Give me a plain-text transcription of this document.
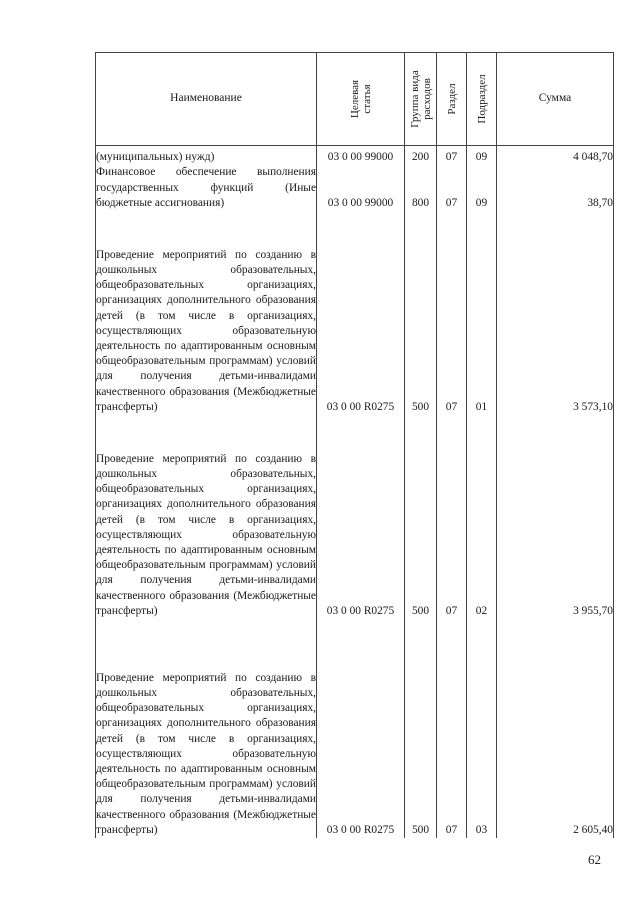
Наименование	Целевая статья	Группа вида расходов	Раздел	Подраздел	Сумма
(муниципальных) нужд)	03 0 00 99000	200	07	09	4 048,70
Финансовое обеспечение выполнения государственных функций (Иные бюджетные ассигнования)	03 0 00 99000	800	07	09	38,70
Проведение мероприятий по созданию в дошкольных образовательных, общеобразовательных организациях, организациях дополнительного образования детей (в том числе в организациях, осуществляющих образовательную деятельность по адаптированным основным общеобразовательным программам) условий для получения детьми-инвалидами качественного образования (Межбюджетные трансферты)	03 0 00 R0275	500	07	01	3 573,10
Проведение мероприятий по созданию в дошкольных образовательных, общеобразовательных организациях, организациях дополнительного образования детей (в том числе в организациях, осуществляющих образовательную деятельность по адаптированным основным общеобразовательным программам) условий для получения детьми-инвалидами качественного образования (Межбюджетные трансферты)	03 0 00 R0275	500	07	02	3 955,70
Проведение мероприятий по созданию в дошкольных образовательных, общеобразовательных организациях, организациях дополнительного образования детей (в том числе в организациях, осуществляющих образовательную деятельность по адаптированным основным общеобразовательным программам) условий для получения детьми-инвалидами качественного образования (Межбюджетные трансферты)	03 0 00 R0275	500	07	03	2 605,40
62
